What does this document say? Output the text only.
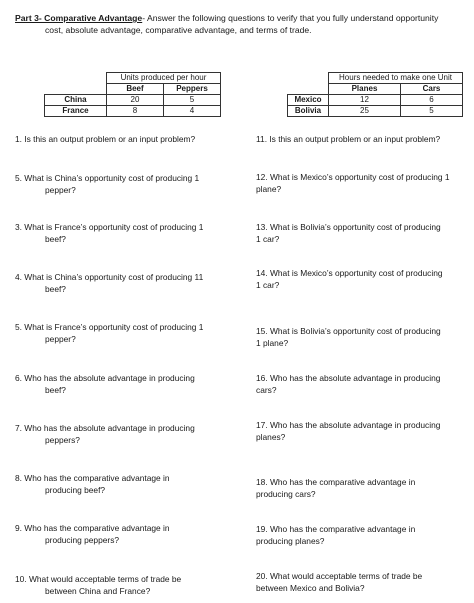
Part 3- Comparative Advantage- Answer the following questions to verify that you fully understand opportunity
cost, absolute advantage, comparative advantage, and terms of trade.
	Units produced per hour	
	Beef	Peppers
China	20	5
France	8	4
	Hours needed to make one Unit	
	Planes	Cars
Mexico	12	6
Bolivia	25	5
1. Is this an output problem or an input problem?
5. What is China’s opportunity cost of producing 1
pepper?
3. What is France’s opportunity cost of producing 1
beef?
4. What is China’s opportunity cost of producing 11
beef?
5. What is France’s opportunity cost of producing 1
pepper?
6. Who has the absolute advantage in producing
beef?
7. Who has the absolute advantage in producing
peppers?
8. Who has the comparative advantage in
producing beef?
9. Who has the comparative advantage in
producing peppers?
10. What would acceptable terms of trade be
between China and France?
11. Is this an output problem or an input problem?
12. What is Mexico’s opportunity cost of producing 1
plane?
13. What is Bolivia’s opportunity cost of producing
1 car?
14. What is Mexico’s opportunity cost of producing
1 car?
15. What is Bolivia’s opportunity cost of producing
1 plane?
16. Who has the absolute advantage in producing
cars?
17. Who has the absolute advantage in producing
planes?
18. Who has the comparative advantage in
producing cars?
19. Who has the comparative advantage in
producing planes?
20. What would acceptable terms of trade be
between Mexico and Bolivia?
